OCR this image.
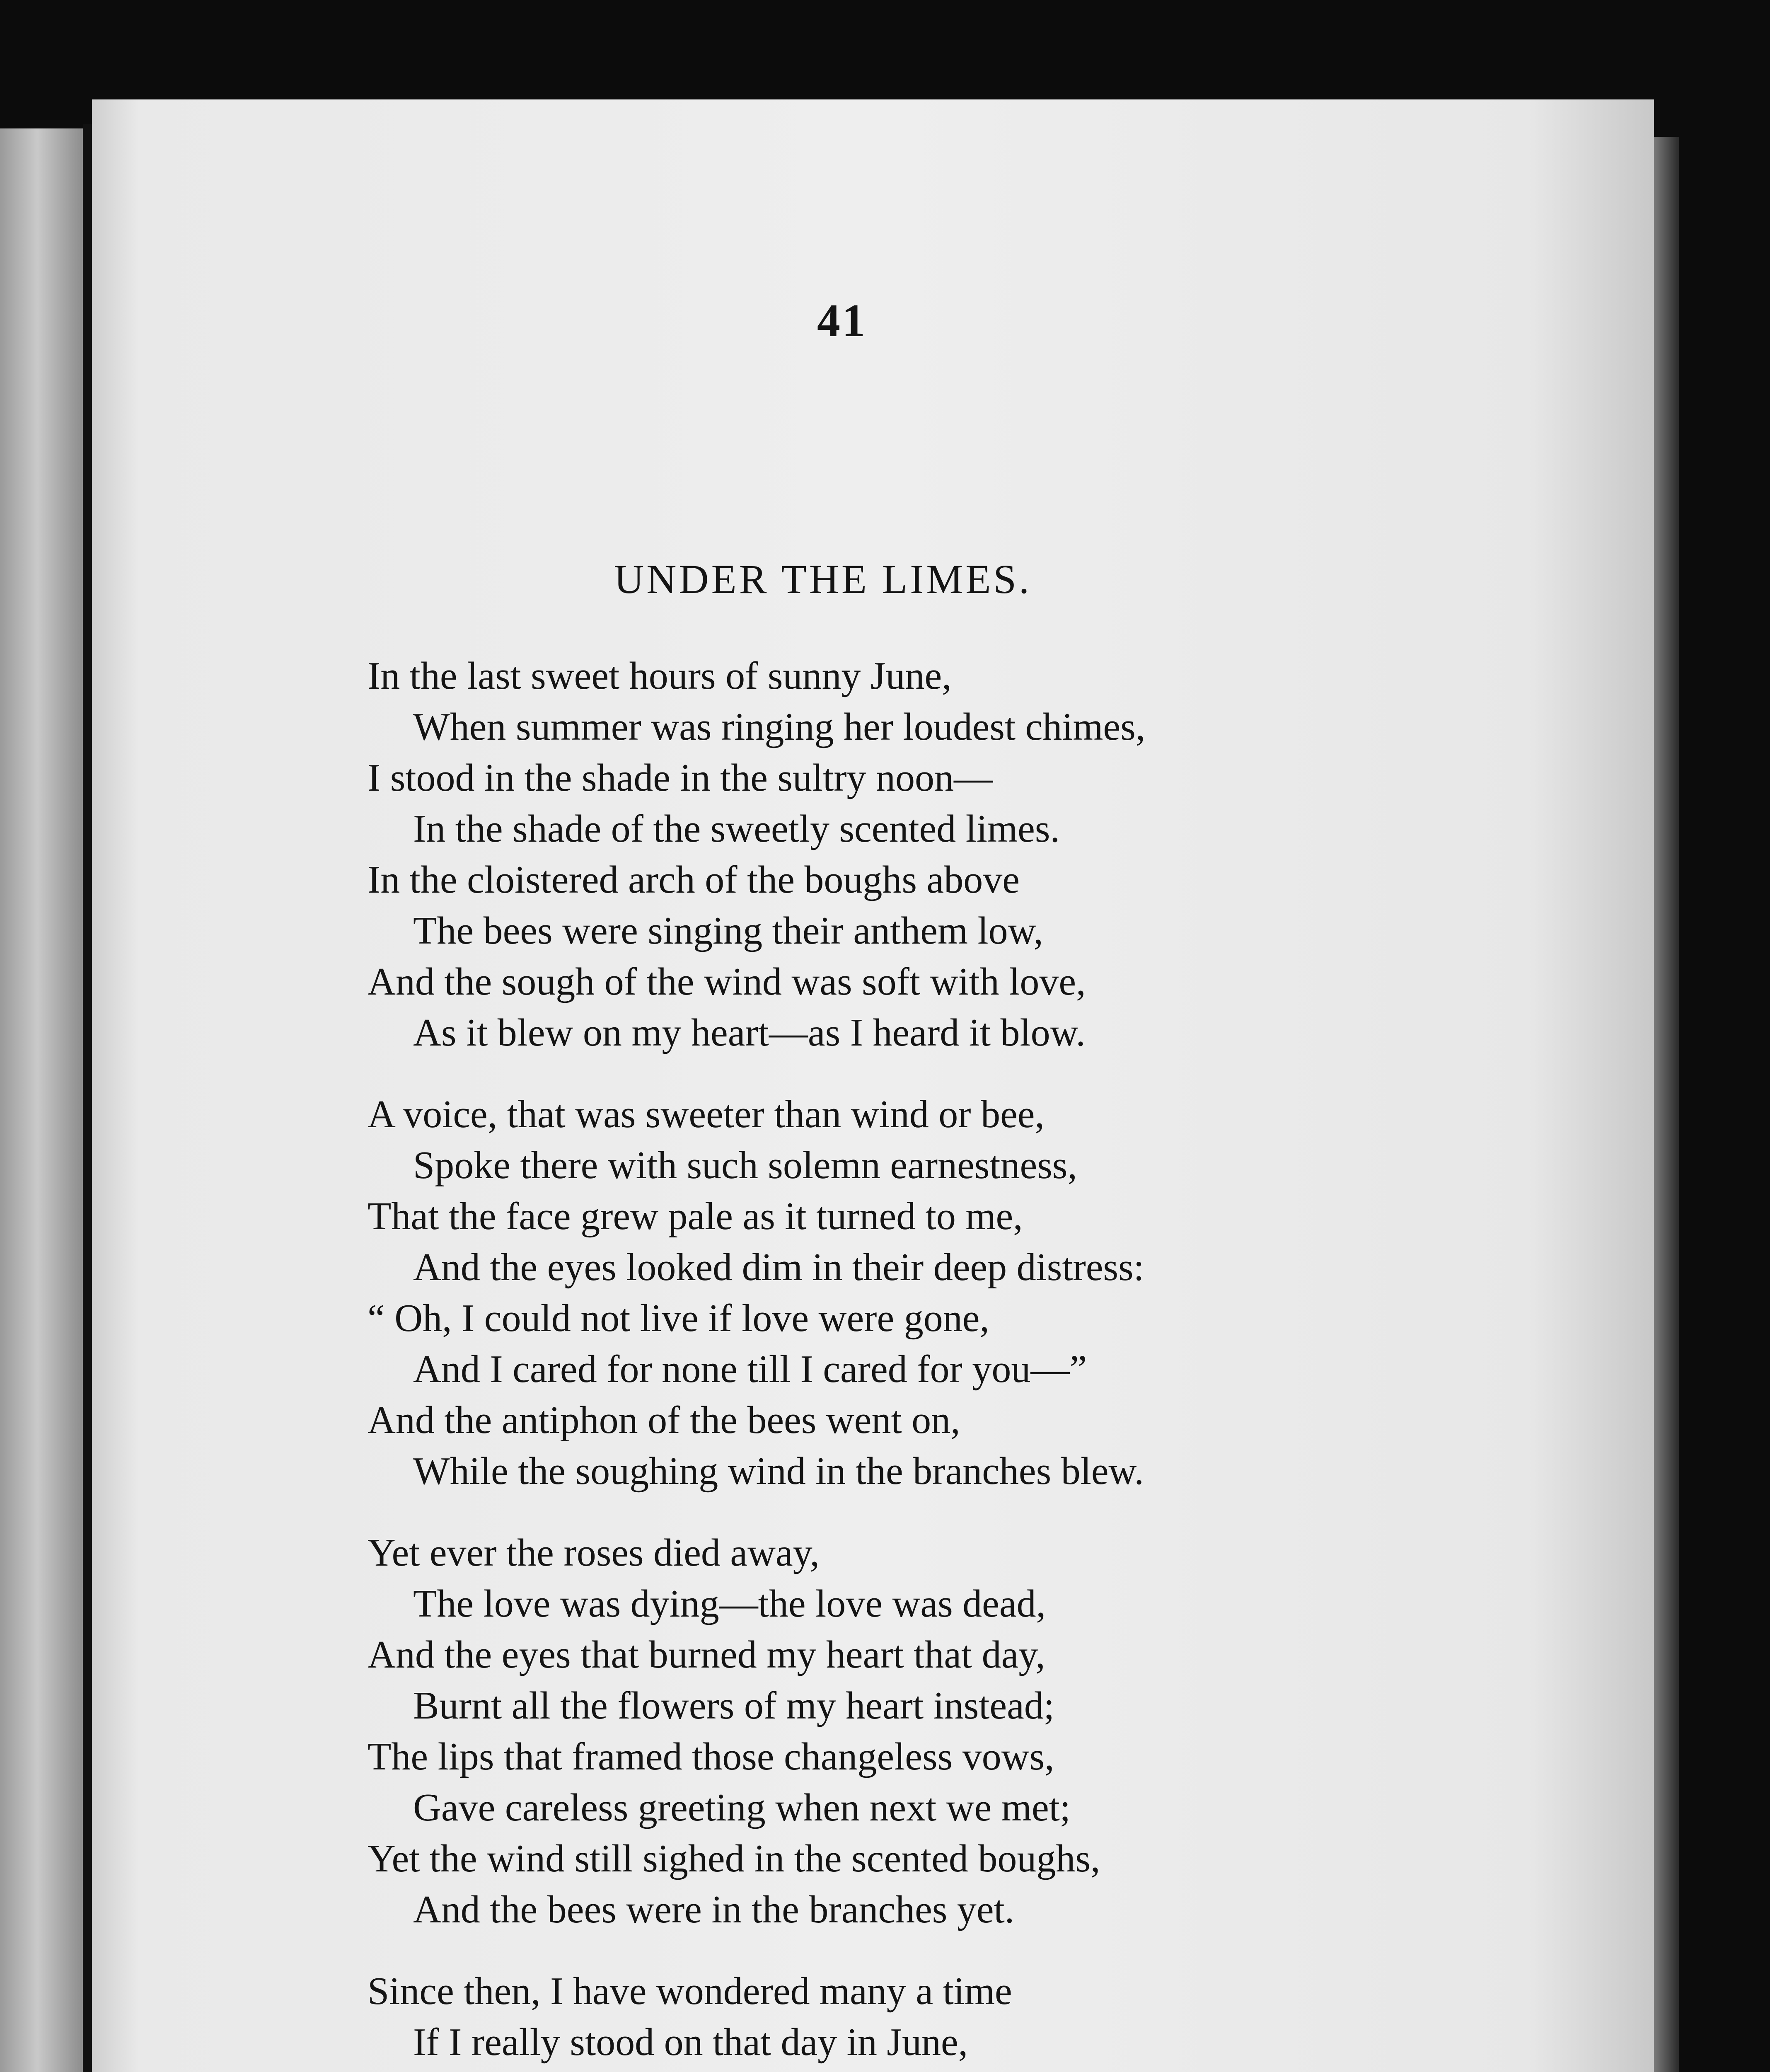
41
UNDER THE LIMES.
In the last sweet hours of sunny June,
When summer was ringing her loudest chimes,
I stood in the shade in the sultry noon—
In the shade of the sweetly scented limes.
In the cloistered arch of the boughs above
The bees were singing their anthem low,
And the sough of the wind was soft with love,
As it blew on my heart—as I heard it blow.
A voice, that was sweeter than wind or bee,
Spoke there with such solemn earnestness,
That the face grew pale as it turned to me,
And the eyes looked dim in their deep distress:
“ Oh, I could not live if love were gone,
And I cared for none till I cared for you—”
And the antiphon of the bees went on,
While the soughing wind in the branches blew.
Yet ever the roses died away,
The love was dying—the love was dead,
And the eyes that burned my heart that day,
Burnt all the flowers of my heart instead;
The lips that framed those changeless vows,
Gave careless greeting when next we met;
Yet the wind still sighed in the scented boughs,
And the bees were in the branches yet.
Since then, I have wondered many a time
If I really stood on that day in June,
